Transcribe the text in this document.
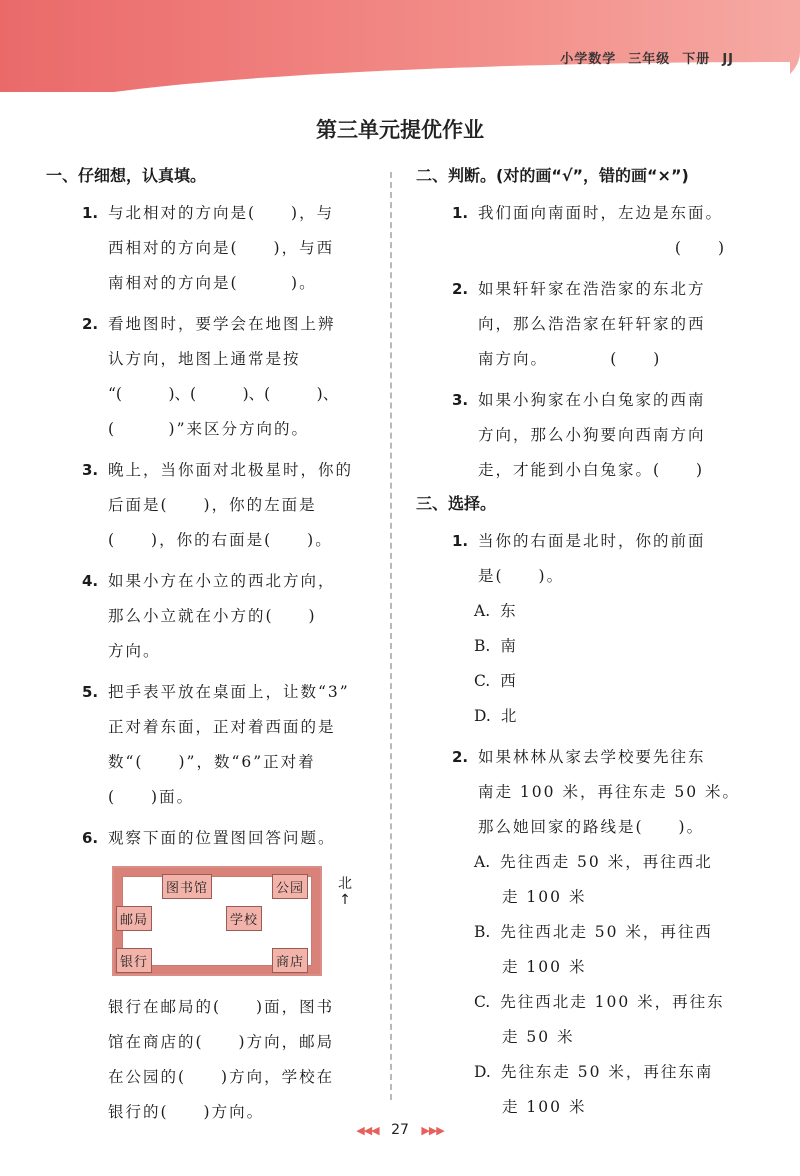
小学数学 三年级 下册 JJ
第三单元提优作业
一、仔细想，认真填。
1. 与北相对的方向是(　　)，与
西相对的方向是(　　)，与西
南相对的方向是(　　　)。
2. 看地图时，要学会在地图上辨
认方向，地图上通常是按
“(　　　)、(　　　)、(　　　)、
(　　　)”来区分方向的。
3. 晚上，当你面对北极星时，你的
后面是(　　)，你的左面是
(　　)，你的右面是(　　)。
4. 如果小方在小立的西北方向，
那么小立就在小方的(　　)
方向。
5. 把手表平放在桌面上，让数“3”
正对着东面，正对着西面的是
数“(　　)”，数“6”正对着
(　　)面。
6. 观察下面的位置图回答问题。
图书馆	公园
邮局	学校
银行	商店
北
↑
银行在邮局的(　　)面，图书
馆在商店的(　　)方向，邮局
在公园的(　　)方向，学校在
银行的(　　)方向。
二、判断。(对的画“√”，错的画“×”)
1. 我们面向南面时，左边是东面。
(　　)
2. 如果轩轩家在浩浩家的东北方
向，那么浩浩家在轩轩家的西
南方向。　　　　(　　)
3. 如果小狗家在小白兔家的西南
方向，那么小狗要向西南方向
走，才能到小白兔家。(　　)
三、选择。
1. 当你的右面是北时，你的前面
是(　　)。
A. 东
B. 南
C. 西
D. 北
2. 如果林林从家去学校要先往东
南走 100 米，再往东走 50 米。
那么她回家的路线是(　　)。
A. 先往西走 50 米，再往西北
走 100 米
B. 先往西北走 50 米，再往西
走 100 米
C. 先往西北走 100 米，再往东
走 50 米
D. 先往东走 50 米，再往东南
走 100 米
◀◀◀ 27 ▶▶▶
